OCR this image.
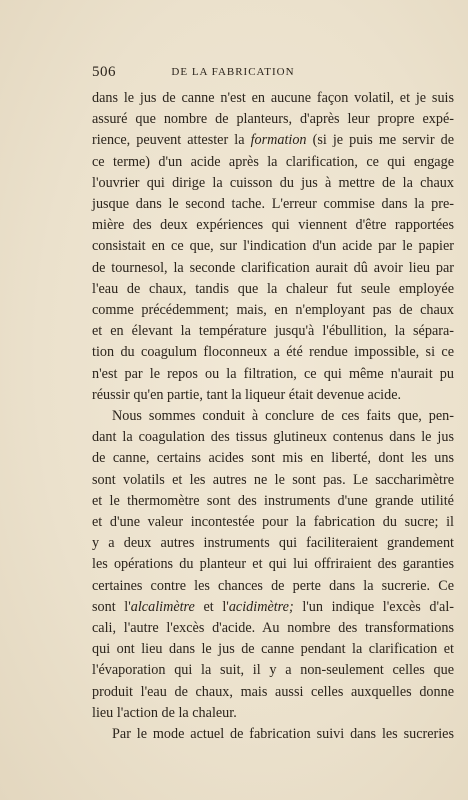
506	DE LA FABRICATION
dans le jus de canne n'est en aucune façon volatil, et je suis
assuré que nombre de planteurs, d'après leur propre expé-
rience, peuvent attester la formation (si je puis me servir de
ce terme) d'un acide après la clarification, ce qui engage
l'ouvrier qui dirige la cuisson du jus à mettre de la chaux
jusque dans le second tache. L'erreur commise dans la pre-
mière des deux expériences qui viennent d'être rapportées
consistait en ce que, sur l'indication d'un acide par le papier
de tournesol, la seconde clarification aurait dû avoir lieu par
l'eau de chaux, tandis que la chaleur fut seule employée
comme précédemment; mais, en n'employant pas de chaux
et en élevant la température jusqu'à l'ébullition, la sépara-
tion du coagulum floconneux a été rendue impossible, si ce
n'est par le repos ou la filtration, ce qui même n'aurait pu
réussir qu'en partie, tant la liqueur était devenue acide.
Nous sommes conduit à conclure de ces faits que, pen-
dant la coagulation des tissus glutineux contenus dans le jus
de canne, certains acides sont mis en liberté, dont les uns
sont volatils et les autres ne le sont pas. Le saccharimètre
et le thermomètre sont des instruments d'une grande utilité
et d'une valeur incontestée pour la fabrication du sucre; il
y a deux autres instruments qui faciliteraient grandement
les opérations du planteur et qui lui offriraient des garanties
certaines contre les chances de perte dans la sucrerie. Ce
sont l'alcalimètre et l'acidimètre; l'un indique l'excès d'al-
cali, l'autre l'excès d'acide. Au nombre des transformations
qui ont lieu dans le jus de canne pendant la clarification et
l'évaporation qui la suit, il y a non-seulement celles que
produit l'eau de chaux, mais aussi celles auxquelles donne
lieu l'action de la chaleur.
Par le mode actuel de fabrication suivi dans les sucreries
